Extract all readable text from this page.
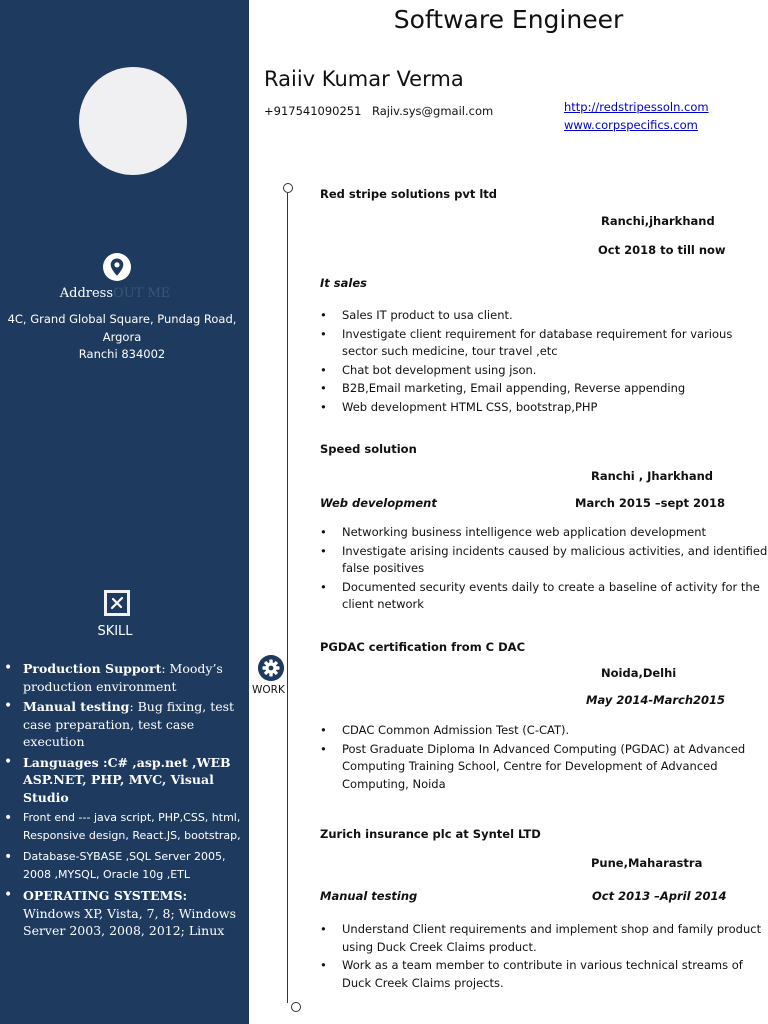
AddressOUT ME
4C, Grand Global Square, Pundag Road,
Argora
Ranchi 834002
SKILL
• Production Support: Moody’s production environment
• Manual testing: Bug fixing, test case preparation, test case execution
• Languages :C# ,asp.net ,WEB ASP.NET, PHP, MVC, Visual Studio
• Front end --- java script, PHP,CSS, html, Responsive design, React.JS, bootstrap,
• Database-SYBASE ,SQL Server 2005, 2008 ,MYSQL, Oracle 10g ,ETL
• OPERATING SYSTEMS:
Windows XP, Vista, 7, 8; Windows Server 2003, 2008, 2012; Linux
Software Engineer
Raiiv Kumar Verma
+917541090251 Rajiv.sys@gmail.com	http://redstripessoln.com
www.corpspecifics.com
WORK
Red stripe solutions pvt ltd
Ranchi,jharkhand
Oct 2018 to till now
It sales
• Sales IT product to usa client.
• Investigate client requirement for database requirement for various sector such medicine, tour travel ,etc
• Chat bot development using json.
• B2B,Email marketing, Email appending, Reverse appending
• Web development HTML CSS, bootstrap,PHP
Speed solution
Ranchi , Jharkhand
Web development	March 2015 –sept 2018
• Networking business intelligence web application development
• Investigate arising incidents caused by malicious activities, and identified false positives
• Documented security events daily to create a baseline of activity for the client network
PGDAC certification from C DAC
Noida,Delhi
May 2014-March2015
• CDAC Common Admission Test (C-CAT).
• Post Graduate Diploma In Advanced Computing (PGDAC) at Advanced Computing Training School, Centre for Development of Advanced Computing, Noida
Zurich insurance plc at Syntel LTD
Pune,Maharastra
Manual testing	Oct 2013 –April 2014
• Understand Client requirements and implement shop and family product using Duck Creek Claims product.
• Work as a team member to contribute in various technical streams of Duck Creek Claims projects.
